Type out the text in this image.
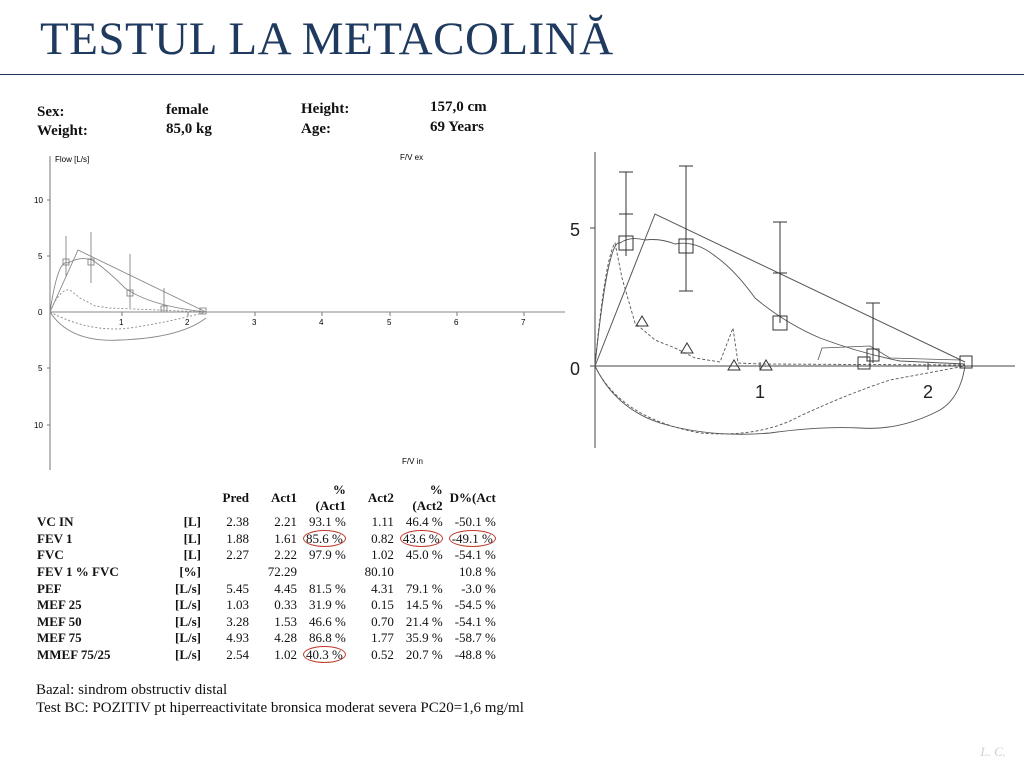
TESTUL LA METACOLINĂ
Sex:	female
Weight:	85,0 kg
Height:	157,0 cm
Age:	69 Years
Flow [L/s]	F/V ex
F/V in
10
5
0
5
10
1	2	3	4	5	6	7
5
0
1	2
		Pred	Act1	%(Act1	Act2	%(Act2	D%(Act
VC IN	[L]	2.38	2.21	93.1 %	1.11	46.4 %	-50.1 %
FEV 1	[L]	1.88	1.61	85.6 %	0.82	43.6 %	-49.1 %
FVC	[L]	2.27	2.22	97.9 %	1.02	45.0 %	-54.1 %
FEV 1 % FVC	[%]		72.29		80.10		10.8 %
PEF	[L/s]	5.45	4.45	81.5 %	4.31	79.1 %	-3.0 %
MEF 25	[L/s]	1.03	0.33	31.9 %	0.15	14.5 %	-54.5 %
MEF 50	[L/s]	3.28	1.53	46.6 %	0.70	21.4 %	-54.1 %
MEF 75	[L/s]	4.93	4.28	86.8 %	1.77	35.9 %	-58.7 %
MMEF 75/25	[L/s]	2.54	1.02	40.3 %	0.52	20.7 %	-48.8 %
Bazal: sindrom obstructiv distal
Test BC: POZITIV pt hiperreactivitate bronsica moderat severa PC20=1,6 mg/ml
L. C.
